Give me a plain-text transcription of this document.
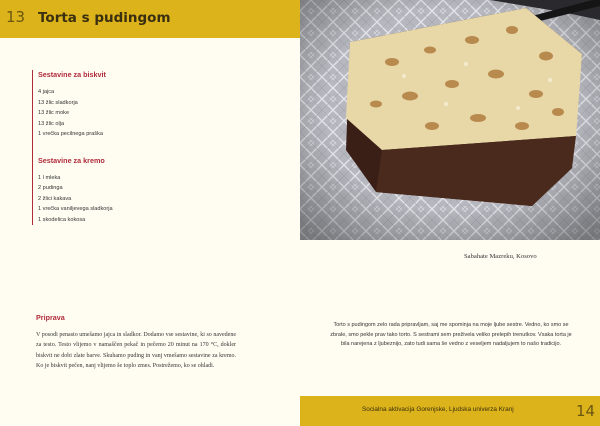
13 Torta s pudingom
Sestavine za biskvit
4 jajca
13 žlic sladkorja
13 žlic moke
13 žlic olja
1 vrečka pecilnega praška
Sestavine za kremo
1 l mleka
2 pudinga
2 žlici kakava
1 vrečka vaniljevega sladkorja
1 skodelica kokosa
Priprava

V posodi penasto umešamo jajca in sladkor. Dodamo vse sestavine, ki so navedene za testo. Testo vlijemo v namaščen pekač in pečemo 20 minut na 170 °C, dokler biskvit ne dobi zlate barve. Skuhamo puding in vanj vmešamo sestavine za kremo. Ko je biskvit pečen, nanj vlijemo še toplo zmes. Postrežemo, ko se ohladi.

Sabahate Mazreku, Kosovo

Torto s pudingom zelo rada pripravljam, saj me spominja na moje ljube sestre. Vedno, ko smo se zbrale, smo pekle prav tako torto. S sestrami sem preživela veliko prelepih trenutkov. Vsaka torta je bila narejena z ljubeznijo, zato tudi sama še vedno z veseljem nadaljujem to našo tradicijo.

Socialna aktivacija Gorenjske, Ljudska univerza Kranj	14
